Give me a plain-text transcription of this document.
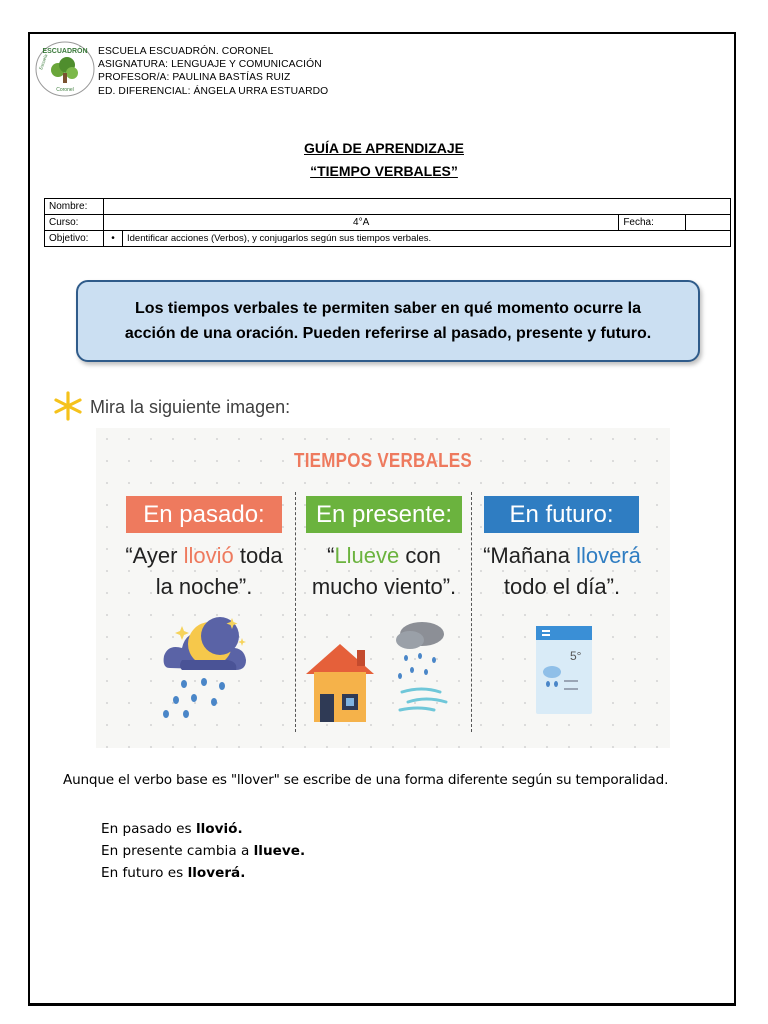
ESCUADRÓN
Escuela
Coronel
ESCUELA ESCUADRÓN. CORONEL
ASIGNATURA: LENGUAJE Y COMUNICACIÓN
PROFESOR/A: PAULINA BASTÍAS RUIZ
ED. DIFERENCIAL: ÁNGELA URRA ESTUARDO
GUÍA DE APRENDIZAJE
“TIEMPO VERBALES”
Nombre:				
Curso:	4°A		Fecha:	
Objetivo:	•	Identificar acciones (Verbos), y conjugarlos según sus tiempos verbales.		
Los tiempos verbales te permiten saber en qué momento ocurre la
acción de una oración. Pueden referirse al pasado, presente y futuro.
Mira la siguiente imagen:
TIEMPOS VERBALES
En pasado:	En presente:	En futuro:
“Ayer llovió toda la noche”.
“Llueve con mucho viento”.
“Mañana lloverá todo el día”.
5°
Aunque el verbo base es "llover" se escribe de una forma diferente según su temporalidad.
En pasado es llovió.
En presente cambia a llueve.
En futuro es lloverá.
